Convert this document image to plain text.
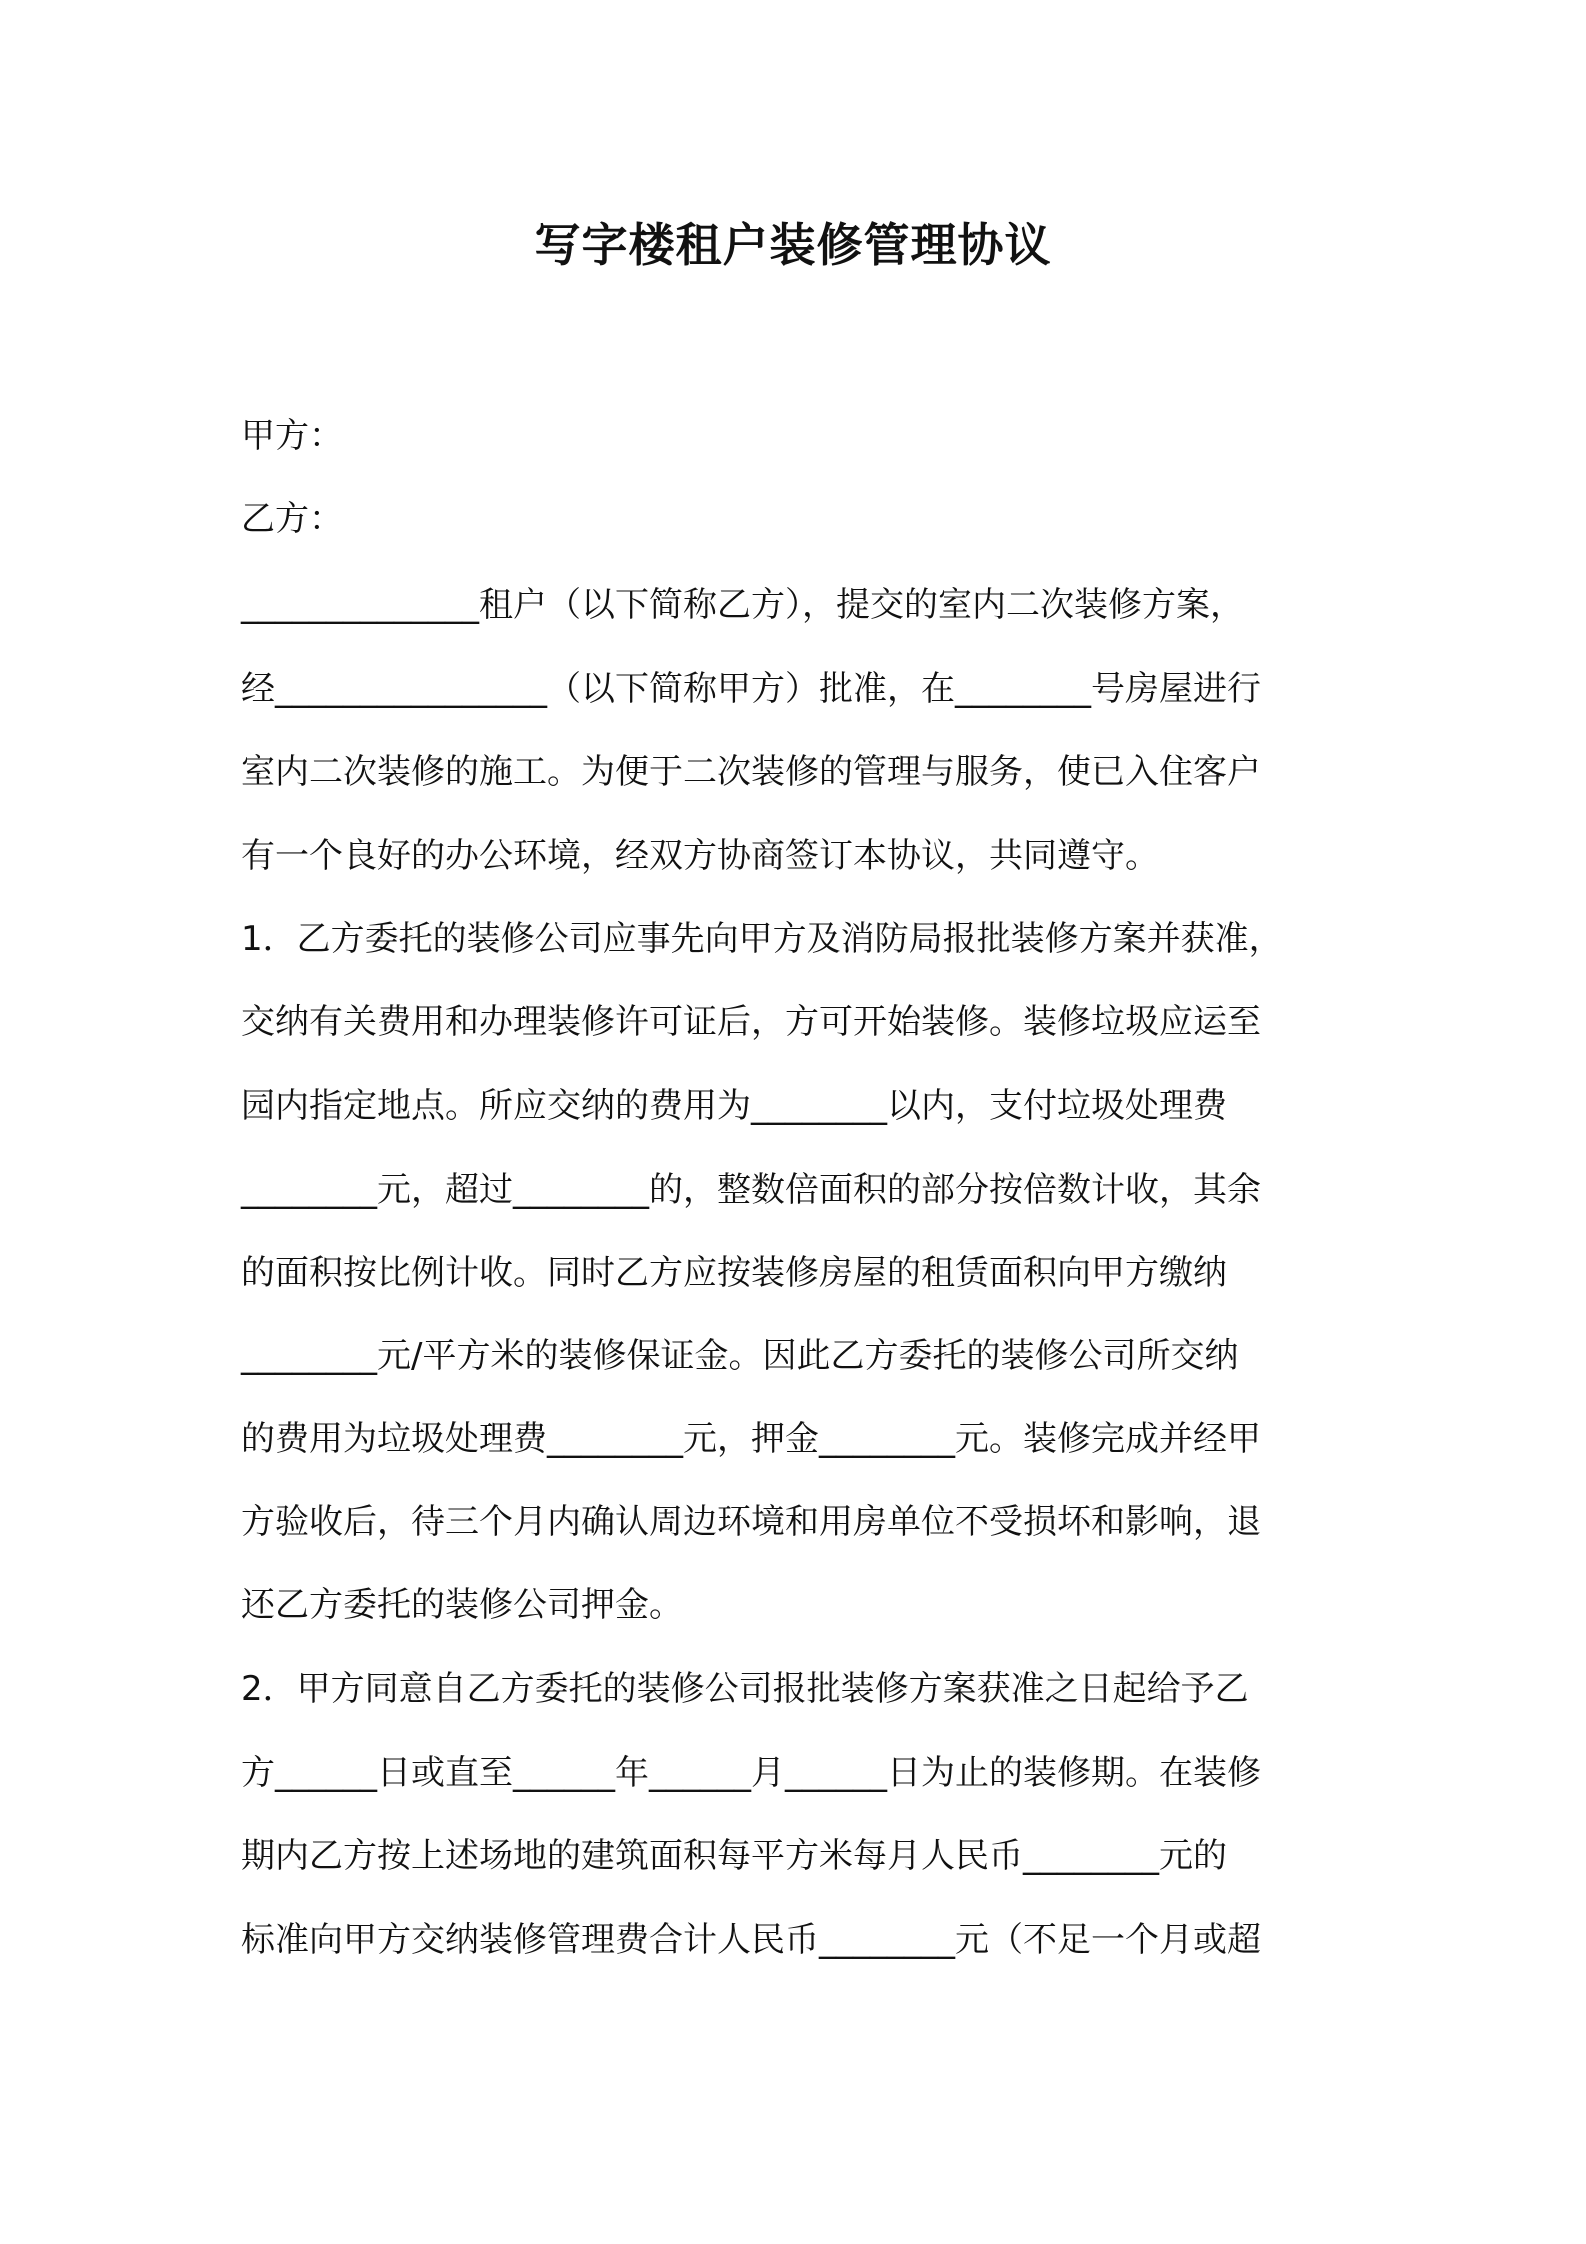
写字楼租户装修管理协议
甲方：
乙方：
______________租户（以下简称乙方），提交的室内二次装修方案，
经________________（以下简称甲方）批准，在________号房屋进行
室内二次装修的施工。为便于二次装修的管理与服务，使已入住客户
有一个良好的办公环境，经双方协商签订本协议，共同遵守。
1．乙方委托的装修公司应事先向甲方及消防局报批装修方案并获准，
交纳有关费用和办理装修许可证后，方可开始装修。装修垃圾应运至
园内指定地点。所应交纳的费用为________以内，支付垃圾处理费
________元，超过________的，整数倍面积的部分按倍数计收，其余
的面积按比例计收。同时乙方应按装修房屋的租赁面积向甲方缴纳
________元/平方米的装修保证金。因此乙方委托的装修公司所交纳
的费用为垃圾处理费________元，押金________元。装修完成并经甲
方验收后，待三个月内确认周边环境和用房单位不受损坏和影响，退
还乙方委托的装修公司押金。
2．甲方同意自乙方委托的装修公司报批装修方案获准之日起给予乙
方______日或直至______年______月______日为止的装修期。在装修
期内乙方按上述场地的建筑面积每平方米每月人民币________元的
标准向甲方交纳装修管理费合计人民币________元（不足一个月或超
